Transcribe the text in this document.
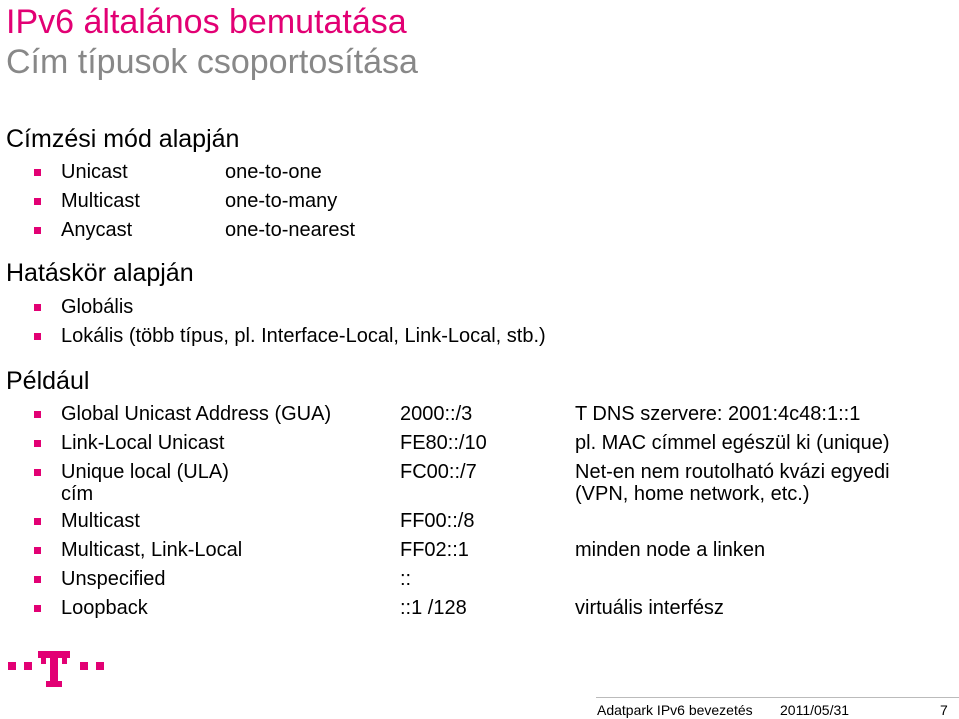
IPv6 általános bemutatása
Cím típusok csoportosítása
Címzési mód alapján
Unicast	one-to-one
Multicast	one-to-many
Anycast	one-to-nearest
Hatáskör alapján
Globális
Lokális (több típus, pl. Interface-Local, Link-Local, stb.)
Például
Global Unicast Address (GUA)	2000::/3	T DNS szervere: 2001:4c48:1::1
Link-Local Unicast	FE80::/10	pl. MAC címmel egészül ki (unique)
Unique local (ULA)
cím
FC00::/7	Net-en nem routolható kvázi egyedi
(VPN, home network, etc.)
Multicast	FF00::/8
Multicast, Link-Local	FF02::1	minden node a linken
Unspecified	::
Loopback	::1 /128	virtuális interfész
Adatpark IPv6 bevezetés 2011/05/31	7
